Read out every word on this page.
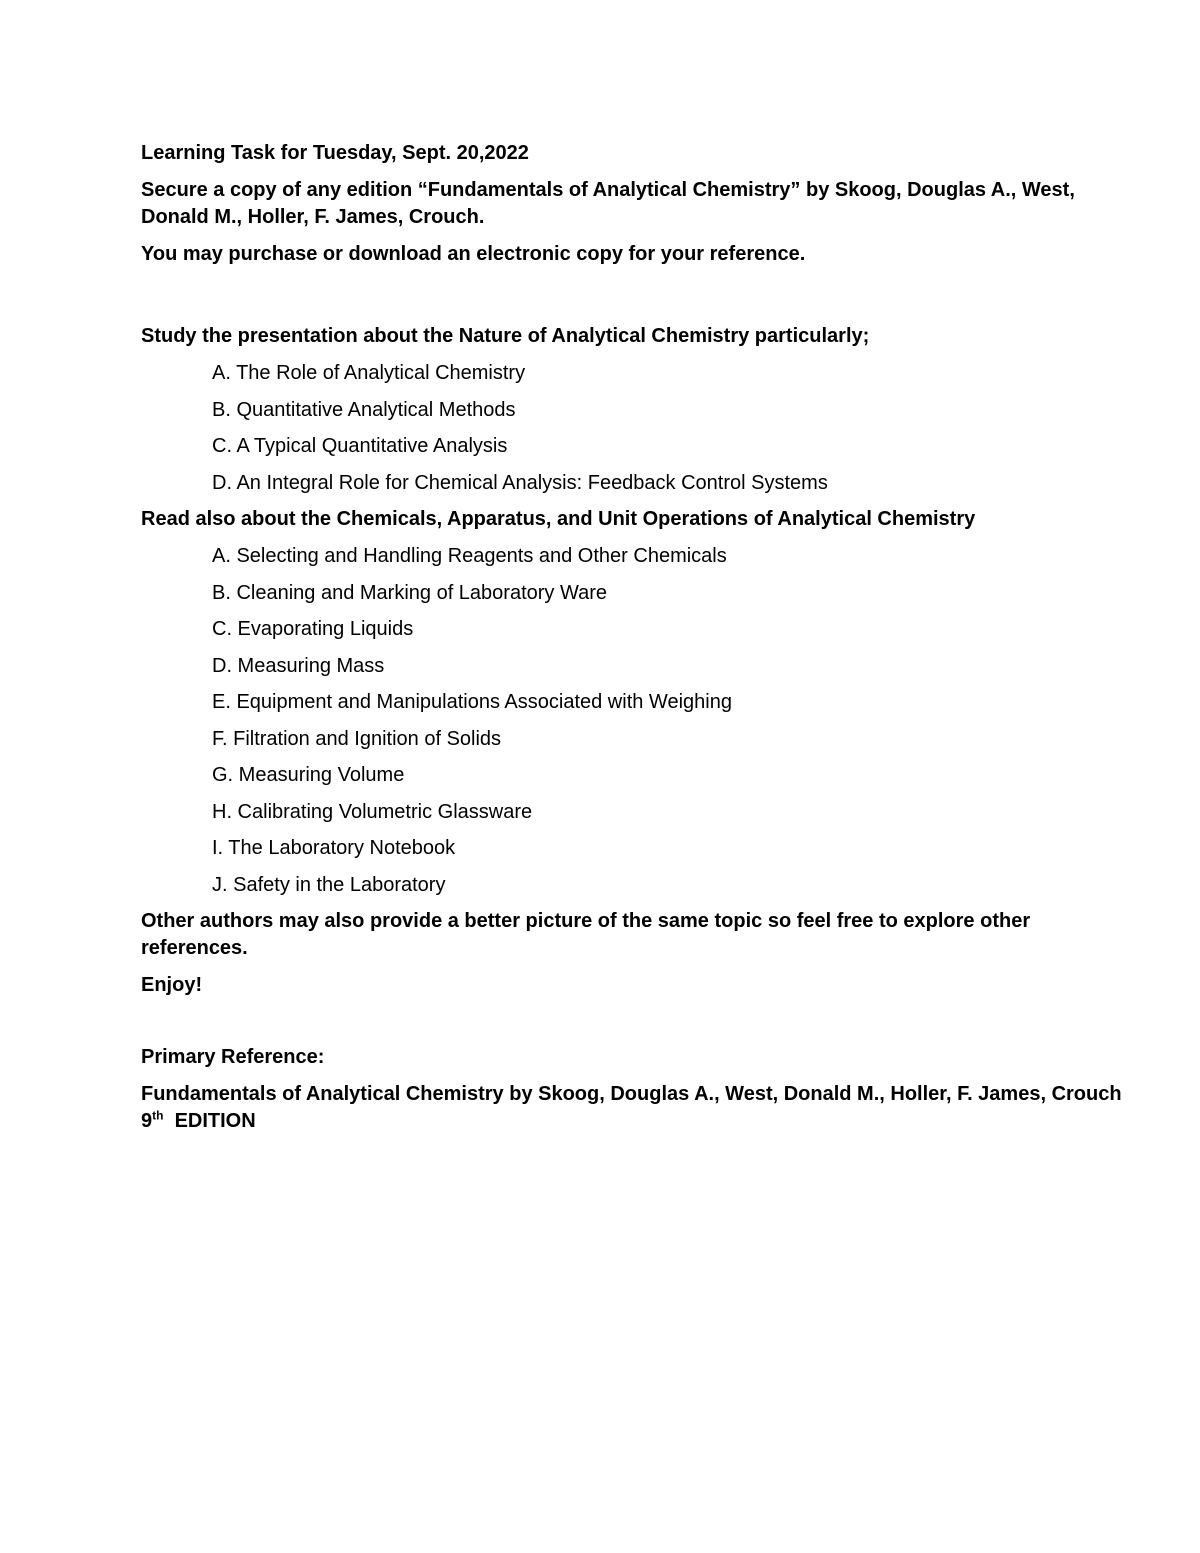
Learning Task for Tuesday, Sept. 20,2022

Secure a copy of any edition “Fundamentals of Analytical Chemistry” by Skoog, Douglas A., West, Donald M., Holler, F. James, Crouch.

You may purchase or download an electronic copy for your reference.

Study the presentation about the Nature of Analytical Chemistry particularly;

A. The Role of Analytical Chemistry
B. Quantitative Analytical Methods
C. A Typical Quantitative Analysis
D. An Integral Role for Chemical Analysis: Feedback Control Systems

Read also about the Chemicals, Apparatus, and Unit Operations of Analytical Chemistry

A. Selecting and Handling Reagents and Other Chemicals
B. Cleaning and Marking of Laboratory Ware
C. Evaporating Liquids
D. Measuring Mass
E. Equipment and Manipulations Associated with Weighing
F. Filtration and Ignition of Solids
G. Measuring Volume
H. Calibrating Volumetric Glassware
I. The Laboratory Notebook
J. Safety in the Laboratory

Other authors may also provide a better picture of the same topic so feel free to explore other references.

Enjoy!

Primary Reference:

Fundamentals of Analytical Chemistry by Skoog, Douglas A., West, Donald M., Holler, F. James, Crouch 9th  EDITION
